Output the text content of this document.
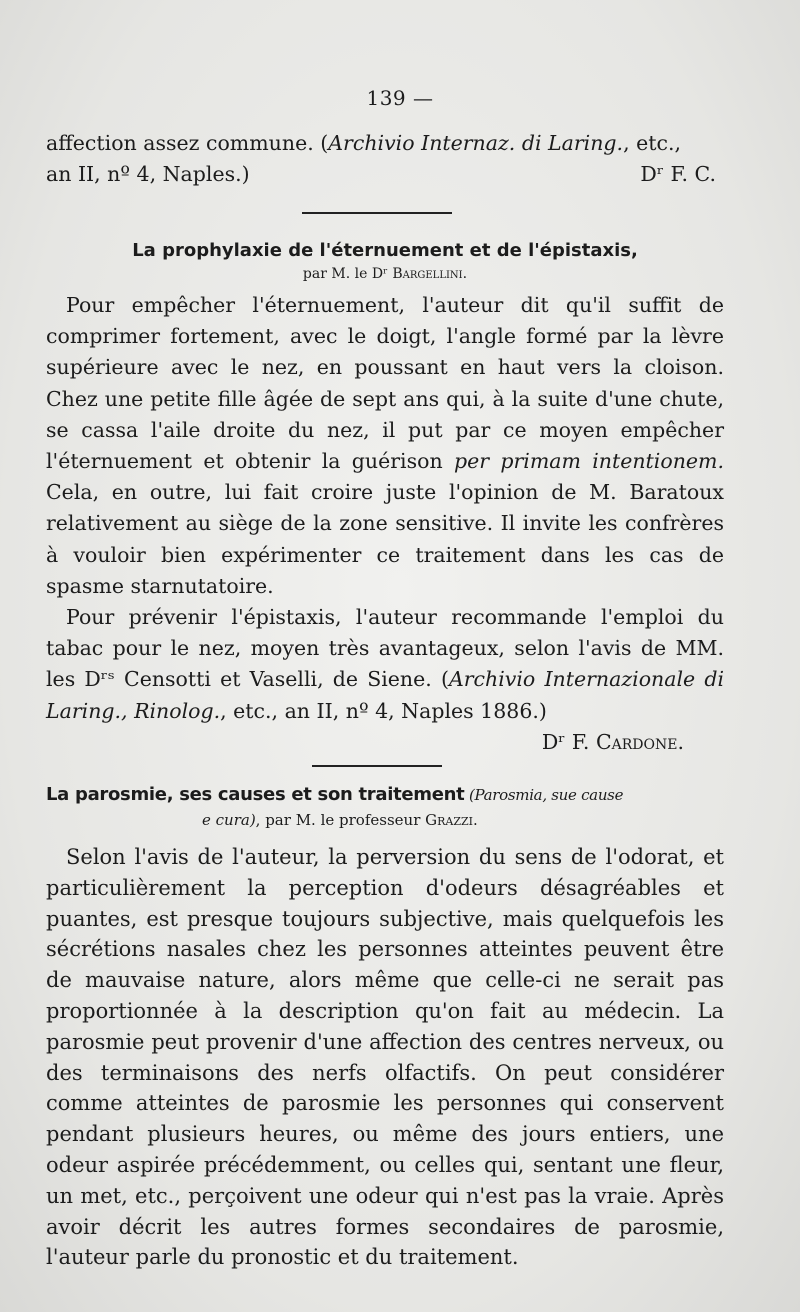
139 —

affection assez commune. (Archivio Internaz. di Laring., etc.,

an II, nº 4, Naples.)	Dʳ F. C.

La prophylaxie de l'éternuement et de l'épistaxis,

par M. le Dʳ Bargellini.

Pour empêcher l'éternuement, l'auteur dit qu'il suffit de comprimer fortement, avec le doigt, l'angle formé par la lèvre supérieure avec le nez, en poussant en haut vers la cloison. Chez une petite fille âgée de sept ans qui, à la suite d'une chute, se cassa l'aile droite du nez, il put par ce moyen empêcher l'éternuement et obtenir la guérison per primam intentionem. Cela, en outre, lui fait croire juste l'opinion de M. Baratoux relativement au siège de la zone sensitive. Il invite les confrères à vouloir bien expérimenter ce traitement dans les cas de spasme starnutatoire.

Pour prévenir l'épistaxis, l'auteur recommande l'emploi du tabac pour le nez, moyen très avantageux, selon l'avis de MM. les Dʳˢ Censotti et Vaselli, de Siene. (Archivio Internazionale di Laring., Rinolog., etc., an II, nº 4, Naples 1886.)

Dʳ F. Cardone.

La parosmie, ses causes et son traitement (Parosmia, sue cause

e cura), par M. le professeur Grazzi.

Selon l'avis de l'auteur, la perversion du sens de l'odorat, et particulièrement la perception d'odeurs désagréables et puantes, est presque toujours subjective, mais quelquefois les sécrétions nasales chez les personnes atteintes peuvent être de mauvaise nature, alors même que celle-ci ne serait pas proportionnée à la description qu'on fait au médecin. La parosmie peut provenir d'une affection des centres nerveux, ou des terminaisons des nerfs olfactifs. On peut considérer comme atteintes de parosmie les personnes qui conservent pendant plusieurs heures, ou même des jours entiers, une odeur aspirée précédemment, ou celles qui, sentant une fleur, un met, etc., perçoivent une odeur qui n'est pas la vraie. Après avoir décrit les autres formes secondaires de parosmie, l'auteur parle du pronostic et du traitement.
